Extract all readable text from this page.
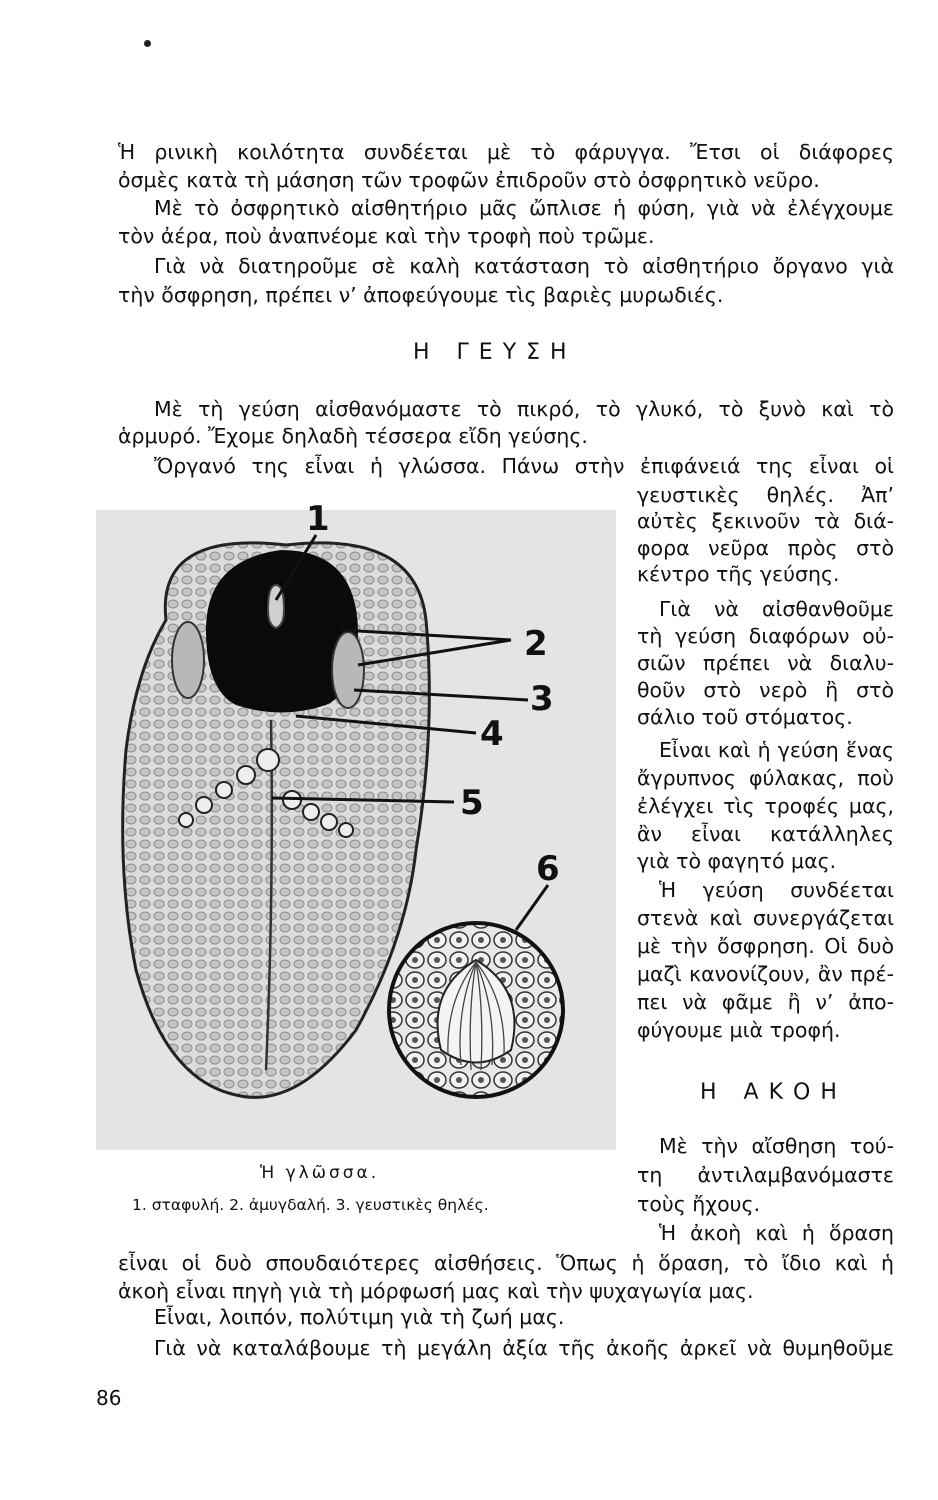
Ἡ ρινικὴ κοιλότητα συνδέεται μὲ τὸ φάρυγγα. Ἔτσι οἱ διάφορες
ὀσμὲς κατὰ τὴ μάσηση τῶν τροφῶν ἐπιδροῦν στὸ ὀσφρητικὸ νεῦρο.
Μὲ τὸ ὀσφρητικὸ αἰσθητήριο μᾶς ὤπλισε ἡ φύση, γιὰ νὰ ἐλέγχουμε
τὸν ἀέρα, ποὺ ἀναπνέομε καὶ τὴν τροφὴ ποὺ τρῶμε.
Γιὰ νὰ διατηροῦμε σὲ καλὴ κατάσταση τὸ αἰσθητήριο ὄργανο γιὰ
τὴν ὄσφρηση, πρέπει ν’ ἀποφεύγουμε τὶς βαριὲς μυρωδιές.
Η ΓΕΥΣΗ
Μὲ τὴ γεύση αἰσθανόμαστε τὸ πικρό, τὸ γλυκό, τὸ ξυνὸ καὶ τὸ
ἁρμυρό. Ἔχομε δηλαδὴ τέσσερα εἴδη γεύσης.
Ὄργανό της εἶναι ἡ γλώσσα. Πάνω στὴν ἐπιφάνειά της εἶναι οἱ
γευστικὲς θηλές. Ἀπ’
αὐτὲς ξεκινοῦν τὰ διά-
φορα νεῦρα πρὸς στὸ
κέντρο τῆς γεύσης.
Γιὰ νὰ αἰσθανθοῦμε
τὴ γεύση διαφόρων οὐ-
σιῶν πρέπει νὰ διαλυ-
θοῦν στὸ νερὸ ἢ στὸ
σάλιο τοῦ στόματος.
Εἶναι καὶ ἡ γεύση ἕνας
ἄγρυπνος φύλακας, ποὺ
ἐλέγχει τὶς τροφές μας,
ἂν εἶναι κατάλληλες
γιὰ τὸ φαγητό μας.
Ἡ γεύση συνδέεται
στενὰ καὶ συνεργάζεται
μὲ τὴν ὄσφρηση. Οἱ δυὸ
μαζὶ κανονίζουν, ἂν πρέ-
πει νὰ φᾶμε ἢ ν’ ἀπο-
φύγουμε μιὰ τροφή.
Η ΑΚΟΗ
Μὲ τὴν αἴσθηση τού-
τη ἀντιλαμβανόμαστε
τοὺς ἤχους.
Ἡ ἀκοὴ καὶ ἡ ὅραση
εἶναι οἱ δυὸ σπουδαιότερες αἰσθήσεις. Ὅπως ἡ ὅραση, τὸ ἴδιο καὶ ἡ
ἀκοὴ εἶναι πηγὴ γιὰ τὴ μόρφωσή μας καὶ τὴν ψυχαγωγία μας.
Εἶναι, λοιπόν, πολύτιμη γιὰ τὴ ζωή μας.
Γιὰ νὰ καταλάβουμε τὴ μεγάλη ἀξία τῆς ἀκοῆς ἀρκεῖ νὰ θυμηθοῦμε
1
2
3
4
5
6
Ἡ γλῶσσα.
1. σταφυλή. 2. ἀμυγδαλή. 3. γευστικὲς θηλές.
86
